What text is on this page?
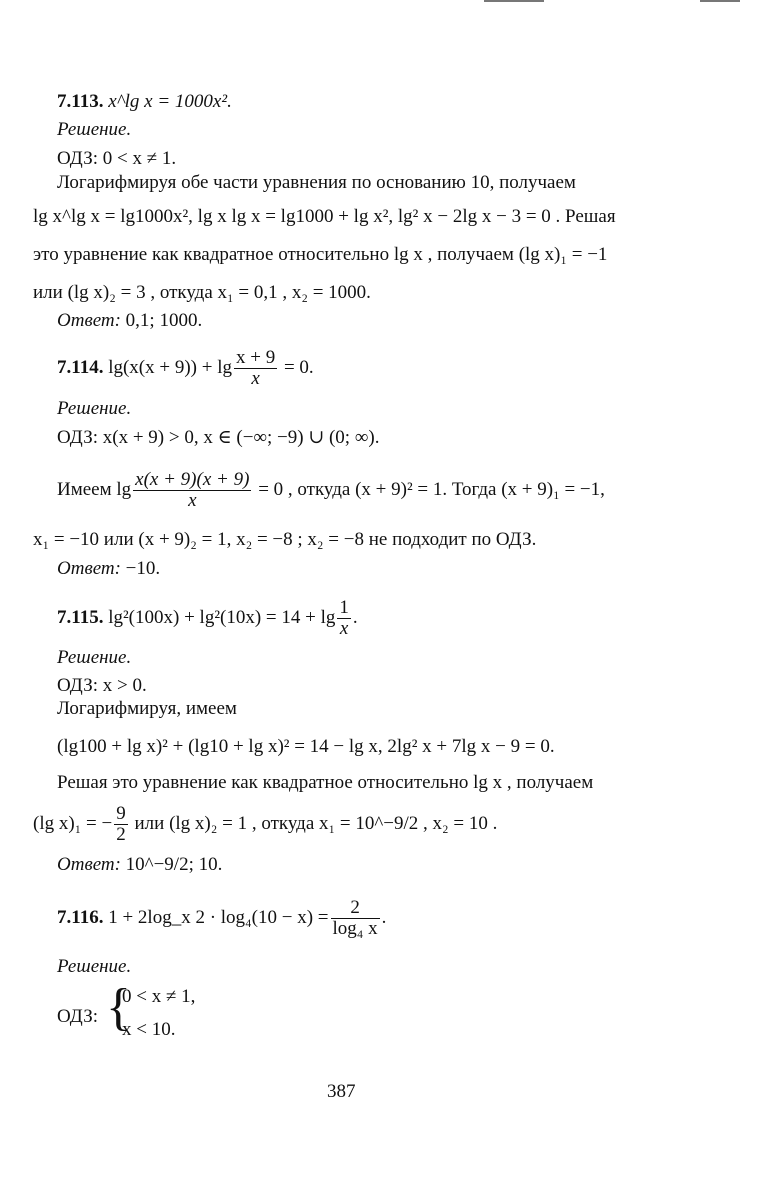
7.113. x^lg x = 1000x².
Решение.
ОДЗ: 0 < x ≠ 1.
Логарифмируя обе части уравнения по основанию 10, получаем
lg x^lg x = lg1000x², lg x lg x = lg1000 + lg x², lg² x − 2lg x − 3 = 0 . Решая
это уравнение как квадратное относительно lg x , получаем (lg x)₁ = −1
или (lg x)₂ = 3 , откуда x₁ = 0,1 , x₂ = 1000.
Ответ: 0,1; 1000.
7.114. $\lg(x(x + 9)) + \lg \frac{x + 9}{x} = 0$.
Решение.
ОДЗ: x(x + 9) > 0, x ∈ (−∞; −9) ∪ (0; ∞).
Имеем $\lg \frac{x(x + 9)(x + 9)}{x} = 0$ , откуда (x + 9)² = 1. Тогда (x + 9)₁ = −1,
x₁ = −10 или (x + 9)₂ = 1, x₂ = −8 ; x₂ = −8 не подходит по ОДЗ.
Ответ: −10.
7.115. $\lg^2(100x) + \lg^2(10x) = 14 + \lg \frac{1}{x}$ .
Решение.
ОДЗ: x > 0.
Логарифмируя, имеем
(lg100 + lg x)² + (lg10 + lg x)² = 14 − lg x, 2lg² x + 7lg x − 9 = 0.
Решая это уравнение как квадратное относительно lg x , получаем
(lg x)₁ = − $\frac{9}{2}$ или (lg x)₂ = 1 , откуда x₁ = 10^−9/2 , x₂ = 10 .
Ответ: 10^−9/2; 10.
7.116. 1 + 2log_x $2 \cdot \log_4(10 - x) = \frac{2}{\text{log₄ x}}$ .
Решение.
ОДЗ: {
0 < x ≠ 1,
x < 10.
387
